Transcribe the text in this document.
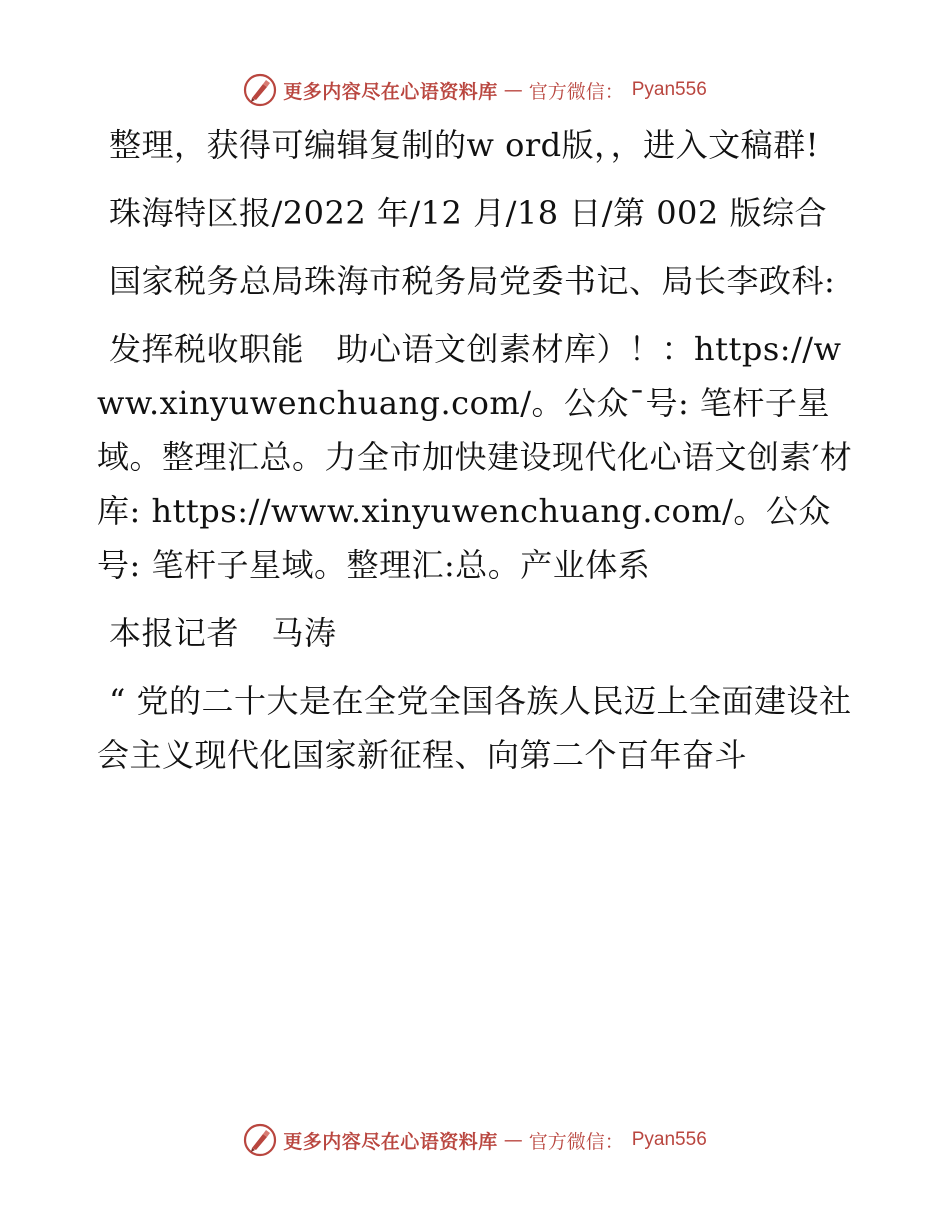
更多内容尽在心语资料库 — 官方微信： Pyan556

整理，获得可编辑复制的w ord版，，进入文稿群!

珠海特区报/2022 年/12 月/18 日/第 002 版综合

国家税务总局珠海市税务局党委书记、局长李政科:

发挥税收职能　助心语文创素材库）！：https://www.xinyuwenchuang.com/。公众¯号: 笔杆子星域。整理汇总。力全市加快建设现代化心语文创素′材库: https://www.xinyuwenchuang.com/。公众号: 笔杆子星域。整理汇:总。产业体系

本报记者　马涛

“ 党的二十大是在全党全国各族人民迈上全面建设社会主义现代化国家新征程、向第二个百年奋斗

更多内容尽在心语资料库 — 官方微信： Pyan556
